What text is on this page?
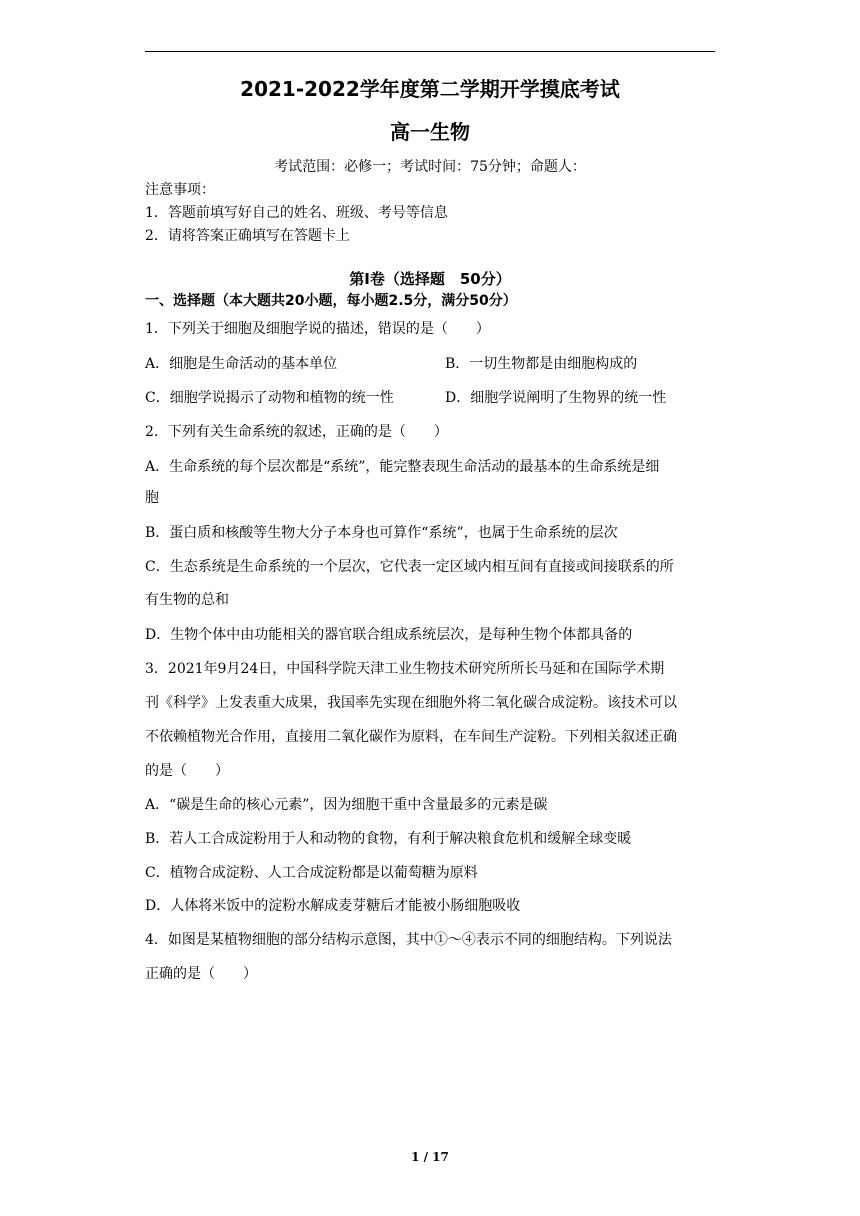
2021-2022学年度第二学期开学摸底考试
高一生物
考试范围：必修一；考试时间：75分钟；命题人：
注意事项：
1．答题前填写好自己的姓名、班级、考号等信息
2．请将答案正确填写在答题卡上
第Ⅰ卷（选择题　50分）
一、选择题（本大题共20小题，每小题2.5分，满分50分）
1．下列关于细胞及细胞学说的描述，错误的是（　　）
A．细胞是生命活动的基本单位	B．一切生物都是由细胞构成的
C．细胞学说揭示了动物和植物的统一性	D．细胞学说阐明了生物界的统一性
2．下列有关生命系统的叙述，正确的是（　　）
A．生命系统的每个层次都是“系统”，能完整表现生命活动的最基本的生命系统是细
胞
B．蛋白质和核酸等生物大分子本身也可算作“系统”，也属于生命系统的层次
C．生态系统是生命系统的一个层次，它代表一定区域内相互间有直接或间接联系的所
有生物的总和
D．生物个体中由功能相关的器官联合组成系统层次，是每种生物个体都具备的
3．2021年9月24日，中国科学院天津工业生物技术研究所所长马延和在国际学术期
刊《科学》上发表重大成果，我国率先实现在细胞外将二氧化碳合成淀粉。该技术可以
不依赖植物光合作用，直接用二氧化碳作为原料，在车间生产淀粉。下列相关叙述正确
的是（　　）
A．“碳是生命的核心元素”，因为细胞干重中含量最多的元素是碳
B．若人工合成淀粉用于人和动物的食物，有利于解决粮食危机和缓解全球变暖
C．植物合成淀粉、人工合成淀粉都是以葡萄糖为原料
D．人体将米饭中的淀粉水解成麦芽糖后才能被小肠细胞吸收
4．如图是某植物细胞的部分结构示意图，其中①～④表示不同的细胞结构。下列说法
正确的是（　　）
1 / 17
